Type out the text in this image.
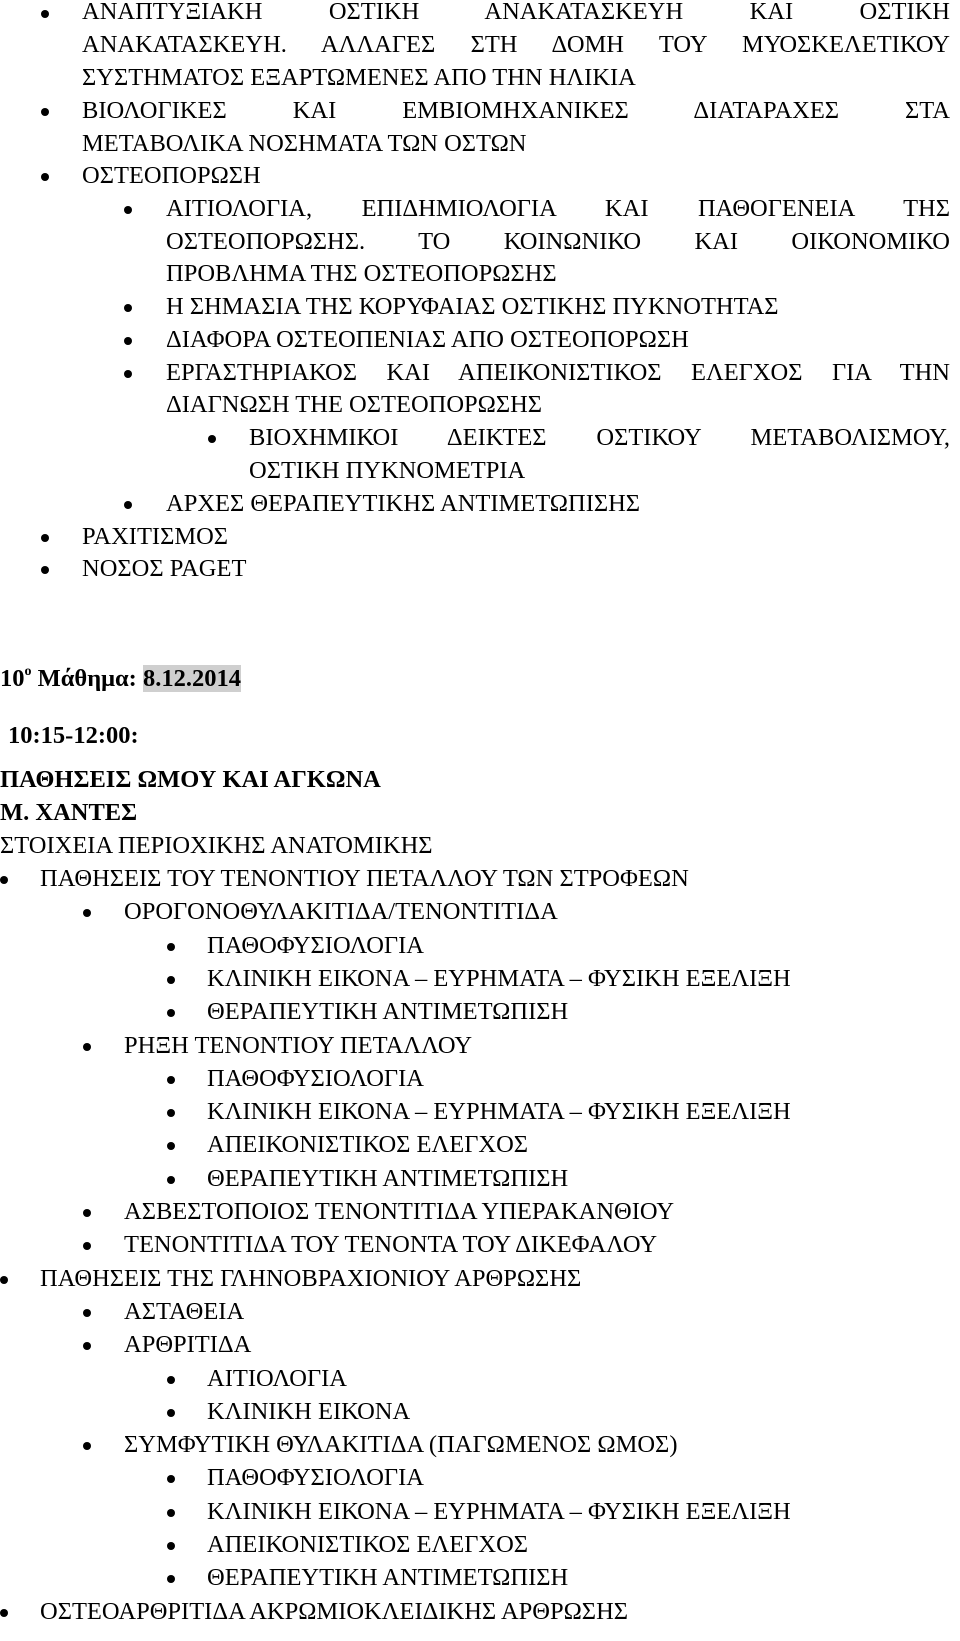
ΑΝΑΠΤΥΞΙΑΚΗ ΟΣΤΙΚΗ ΑΝΑΚΑΤΑΣΚΕΥΗ ΚΑΙ ΟΣΤΙΚΗ
ΑΝΑΚΑΤΑΣΚΕΥΗ. ΑΛΛΑΓΕΣ ΣΤΗ ΔΟΜΗ ΤΟΥ ΜΥΟΣΚΕΛΕΤΙΚΟΥ
ΣΥΣΤΗΜΑΤΟΣ ΕΞΑΡΤΩΜΕΝΕΣ ΑΠΟ ΤΗΝ ΗΛΙΚΙΑ
ΒΙΟΛΟΓΙΚΕΣ ΚΑΙ ΕΜΒΙΟΜΗΧΑΝΙΚΕΣ ΔΙΑΤΑΡΑΧΕΣ ΣΤΑ
ΜΕΤΑΒΟΛΙΚΑ ΝΟΣΗΜΑΤΑ ΤΩΝ ΟΣΤΩΝ
ΟΣΤΕΟΠΟΡΩΣΗ
ΑΙΤΙΟΛΟΓΙΑ, ΕΠΙΔΗΜΙΟΛΟΓΙΑ ΚΑΙ ΠΑΘΟΓΕΝΕΙΑ ΤΗΣ
ΟΣΤΕΟΠΟΡΩΣΗΣ. ΤΟ ΚΟΙΝΩΝΙΚΟ ΚΑΙ ΟΙΚΟΝΟΜΙΚΟ
ΠΡΟΒΛΗΜΑ ΤΗΣ ΟΣΤΕΟΠΟΡΩΣΗΣ
Η ΣΗΜΑΣΙΑ ΤΗΣ ΚΟΡΥΦΑΙΑΣ ΟΣΤΙΚΗΣ ΠΥΚΝΟΤΗΤΑΣ
ΔΙΑΦΟΡΑ ΟΣΤΕΟΠΕΝΙΑΣ ΑΠΟ ΟΣΤΕΟΠΟΡΩΣΗ
ΕΡΓΑΣΤΗΡΙΑΚΟΣ ΚΑΙ ΑΠΕΙΚΟΝΙΣΤΙΚΟΣ ΕΛΕΓΧΟΣ ΓΙΑ ΤΗΝ
ΔΙΑΓΝΩΣΗ ΤΗΕ ΟΣΤΕΟΠΟΡΩΣΗΣ
ΒΙΟΧΗΜΙΚΟΙ ΔΕΙΚΤΕΣ ΟΣΤΙΚΟΥ ΜΕΤΑΒΟΛΙΣΜΟΥ,
ΟΣΤΙΚΗ ΠΥΚΝΟΜΕΤΡΙΑ
ΑΡΧΕΣ ΘΕΡΑΠΕΥΤΙΚΗΣ ΑΝΤΙΜΕΤΩΠΙΣΗΣ
ΡΑΧΙΤΙΣΜΟΣ
ΝΟΣΟΣ PAGET
$10^o$ Μάθημα: 8.12.2014
10:15-12:00:
ΠΑΘΗΣΕΙΣ ΩΜΟΥ ΚΑΙ ΑΓΚΩΝΑ
Μ. ΧΑΝΤΕΣ
ΣΤΟΙΧΕΙΑ ΠΕΡΙΟΧΙΚΗΣ ΑΝΑΤΟΜΙΚΗΣ
ΠΑΘΗΣΕΙΣ ΤΟΥ ΤΕΝΟΝΤΙΟΥ ΠΕΤΑΛΛΟΥ ΤΩΝ ΣΤΡΟΦΕΩΝ
ΟΡΟΓΟΝΟΘΥΛΑΚΙΤΙΔΑ/ΤΕΝΟΝΤΙΤΙΔΑ
ΠΑΘΟΦΥΣΙΟΛΟΓΙΑ
ΚΛΙΝΙΚΗ ΕΙΚΟΝΑ – ΕΥΡΗΜΑΤΑ – ΦΥΣΙΚΗ ΕΞΕΛΙΞΗ
ΘΕΡΑΠΕΥΤΙΚΗ ΑΝΤΙΜΕΤΩΠΙΣΗ
ΡΗΞΗ ΤΕΝΟΝΤΙΟΥ ΠΕΤΑΛΛΟΥ
ΠΑΘΟΦΥΣΙΟΛΟΓΙΑ
ΚΛΙΝΙΚΗ ΕΙΚΟΝΑ – ΕΥΡΗΜΑΤΑ – ΦΥΣΙΚΗ ΕΞΕΛΙΞΗ
ΑΠΕΙΚΟΝΙΣΤΙΚΟΣ ΕΛΕΓΧΟΣ
ΘΕΡΑΠΕΥΤΙΚΗ ΑΝΤΙΜΕΤΩΠΙΣΗ
ΑΣΒΕΣΤΟΠΟΙΟΣ ΤΕΝΟΝΤΙΤΙΔΑ ΥΠΕΡΑΚΑΝΘΙΟΥ
ΤΕΝΟΝΤΙΤΙΔΑ ΤΟΥ ΤΕΝΟΝΤΑ ΤΟΥ ΔΙΚΕΦΑΛΟΥ
ΠΑΘΗΣΕΙΣ ΤΗΣ ΓΛΗΝΟΒΡΑΧΙΟΝΙΟΥ ΑΡΘΡΩΣΗΣ
ΑΣΤΑΘΕΙΑ
ΑΡΘΡΙΤΙΔΑ
ΑΙΤΙΟΛΟΓΙΑ
ΚΛΙΝΙΚΗ ΕΙΚΟΝΑ
ΣΥΜΦΥΤΙΚΗ ΘΥΛΑΚΙΤΙΔΑ (ΠΑΓΩΜΕΝΟΣ ΩΜΟΣ)
ΠΑΘΟΦΥΣΙΟΛΟΓΙΑ
ΚΛΙΝΙΚΗ ΕΙΚΟΝΑ – ΕΥΡΗΜΑΤΑ – ΦΥΣΙΚΗ ΕΞΕΛΙΞΗ
ΑΠΕΙΚΟΝΙΣΤΙΚΟΣ ΕΛΕΓΧΟΣ
ΘΕΡΑΠΕΥΤΙΚΗ ΑΝΤΙΜΕΤΩΠΙΣΗ
ΟΣΤΕΟΑΡΘΡΙΤΙΔΑ ΑΚΡΩΜΙΟΚΛΕΙΔΙΚΗΣ ΑΡΘΡΩΣΗΣ
